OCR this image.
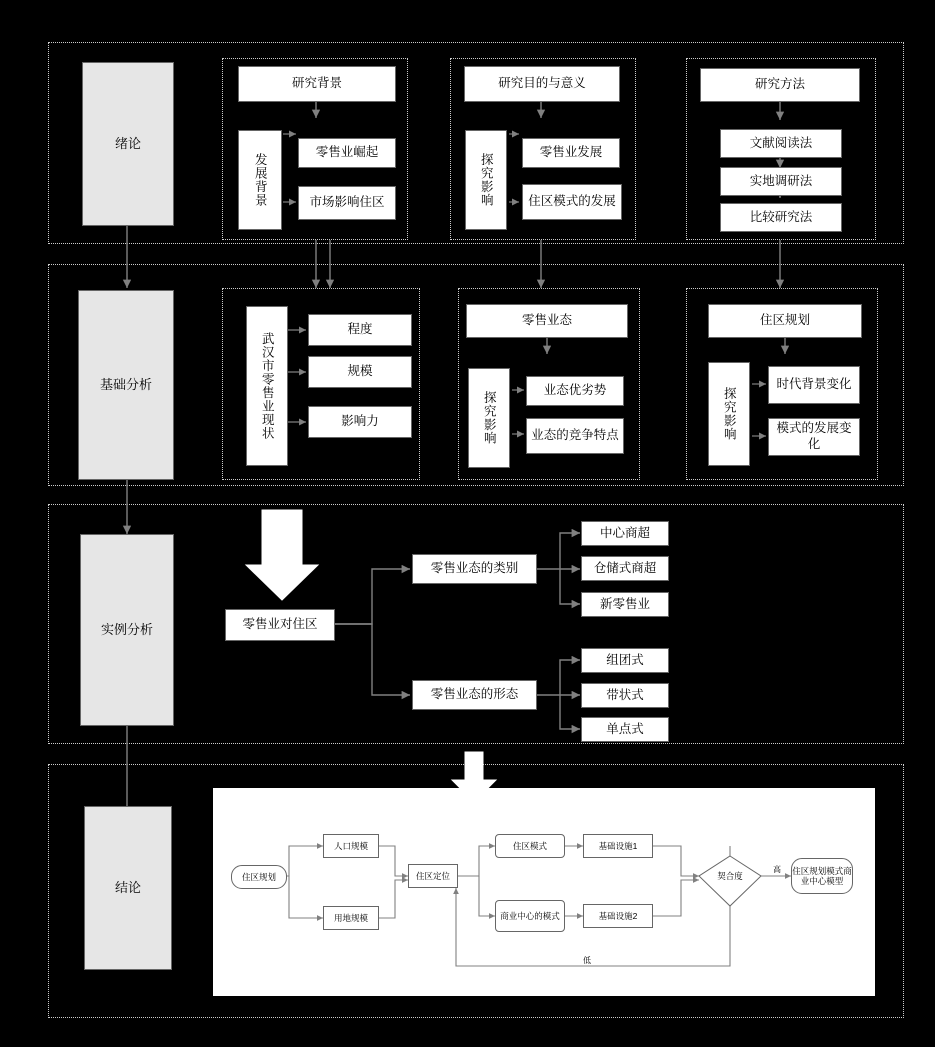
绪论
基础分析
实例分析
结论
研究背景
发展背景
零售业崛起
市场影响住区
研究目的与意义
探究影响
零售业发展
住区模式的发展
研究方法
文献阅读法
实地调研法
比较研究法
武汉市零售业现状
程度
规模
影响力
零售业态
探究影响
业态优劣势
业态的竞争特点
住区规划
探究影响
时代背景变化
模式的发展变化
零售业对住区
零售业态的类别
中心商超
仓储式商超
新零售业
零售业态的形态
组团式
带状式
单点式
高
低
契合度
住区规划
人口规模
用地规模
住区定位
住区模式
商业中心的模式
基础设施1
基础设施2
住区规划模式商业中心模型
